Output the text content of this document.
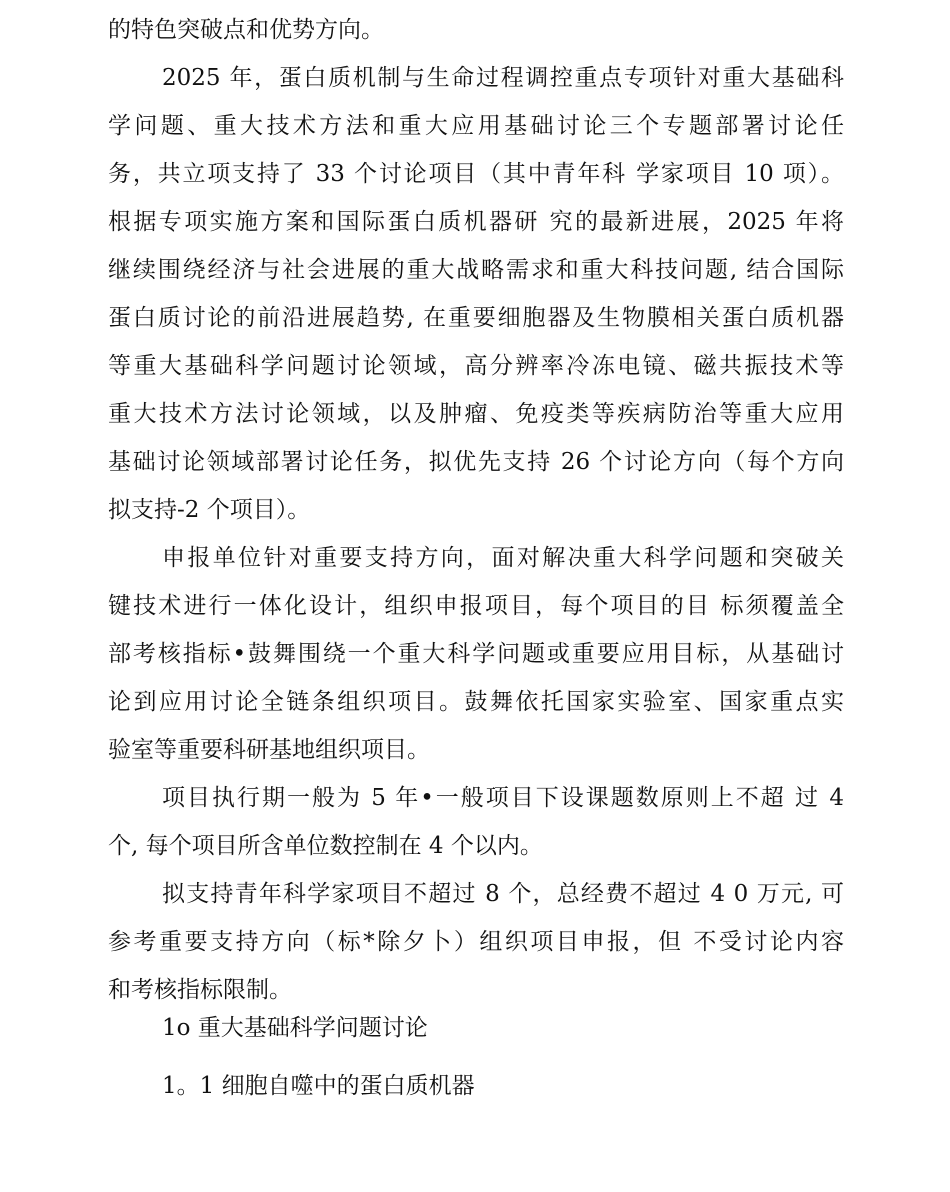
的特色突破点和优势方向。
2025 年，蛋白质机制与生命过程调控重点专项针对重大基础科
学问题、重大技术方法和重大应用基础讨论三个专题部署讨论任
务，共立项支持了 33 个讨论项目（其中青年科 学家项目 10 项）。
根据专项实施方案和国际蛋白质机器研 究的最新进展，2025 年将
继续围绕经济与社会进展的重大战略需求和重大科技问题, 结合国际
蛋白质讨论的前沿进展趋势, 在重要细胞器及生物膜相关蛋白质机器
等重大基础科学问题讨论领域，高分辨率冷冻电镜、磁共振技术等
重大技术方法讨论领域，以及肿瘤、免疫类等疾病防治等重大应用
基础讨论领域部署讨论任务，拟优先支持 26 个讨论方向（每个方向
拟支持-2 个项目）。
申报单位针对重要支持方向，面对解决重大科学问题和突破关
键技术进行一体化设计，组织申报项目，每个项目的目 标须覆盖全
部考核指标•鼓舞围绕一个重大科学问题或重要应用目标，从基础讨
论到应用讨论全链条组织项目。鼓舞依托国家实验室、国家重点实
验室等重要科研基地组织项目。
项目执行期一般为 5 年•一般项目下设课题数原则上不超 过 4
个, 每个项目所含单位数控制在 4 个以内。
拟支持青年科学家项目不超过 8 个，总经费不超过 4 0 万元, 可
参考重要支持方向（标*除夕卜）组织项目申报，但 不受讨论内容
和考核指标限制。
1o 重大基础科学问题讨论
1。1 细胞自噬中的蛋白质机器
